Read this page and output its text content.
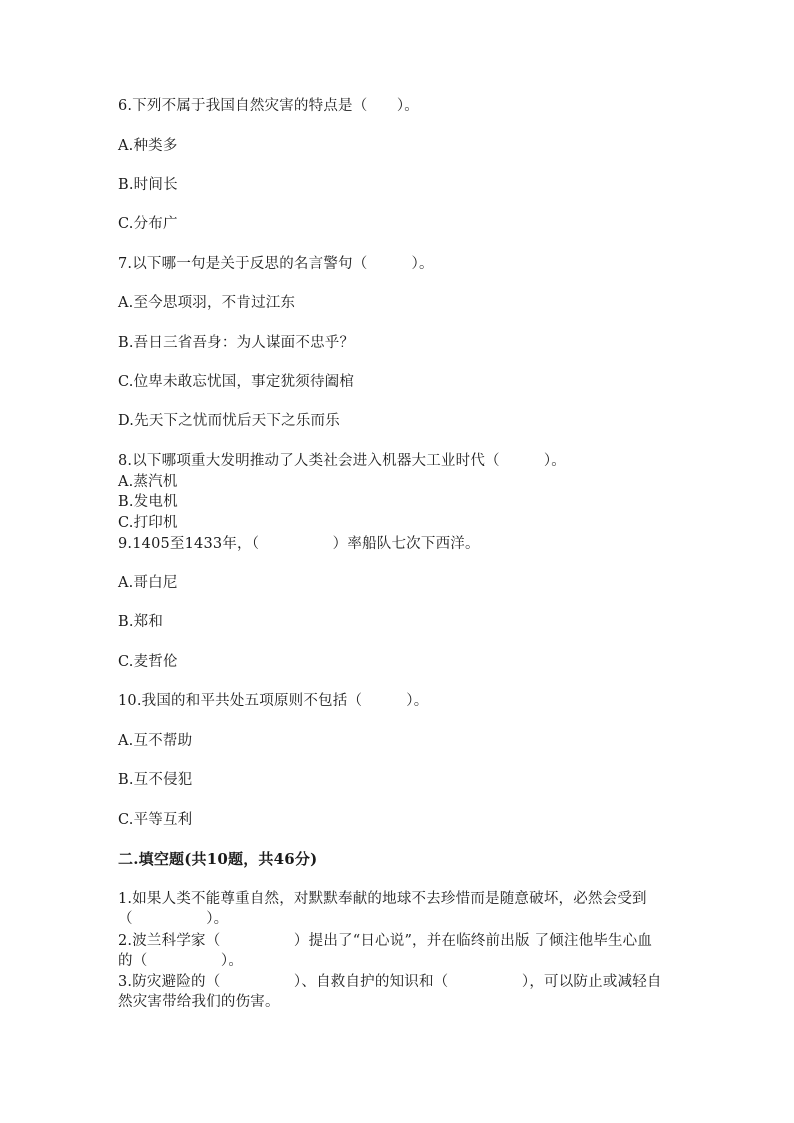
6.下列不属于我国自然灾害的特点是（　　）。
A.种类多
B.时间长
C.分布广
7.以下哪一句是关于反思的名言警句（　　　）。
A.至今思项羽，不肯过江东
B.吾日三省吾身：为人谋面不忠乎？
C.位卑未敢忘忧国，事定犹须待阖棺
D.先天下之忧而忧后天下之乐而乐
8.以下哪项重大发明推动了人类社会进入机器大工业时代（　　　）。
A.蒸汽机
B.发电机
C.打印机
9.1405至1433年，（　　　　　）率船队七次下西洋。
A.哥白尼
B.郑和
C.麦哲伦
10.我国的和平共处五项原则不包括（　　　）。
A.互不帮助
B.互不侵犯
C.平等互利
二.填空题(共10题，共46分)
1.如果人类不能尊重自然，对默默奉献的地球不去珍惜而是随意破坏，必然会受到（　　　　　）。
2.波兰科学家（　　　　　）提出了“日心说”，并在临终前出版 了倾注他毕生心血的（　　　　　）。
3.防灾避险的（　　　　　）、自救自护的知识和（　　　　　），可以防止或减轻自然灾害带给我们的伤害。
